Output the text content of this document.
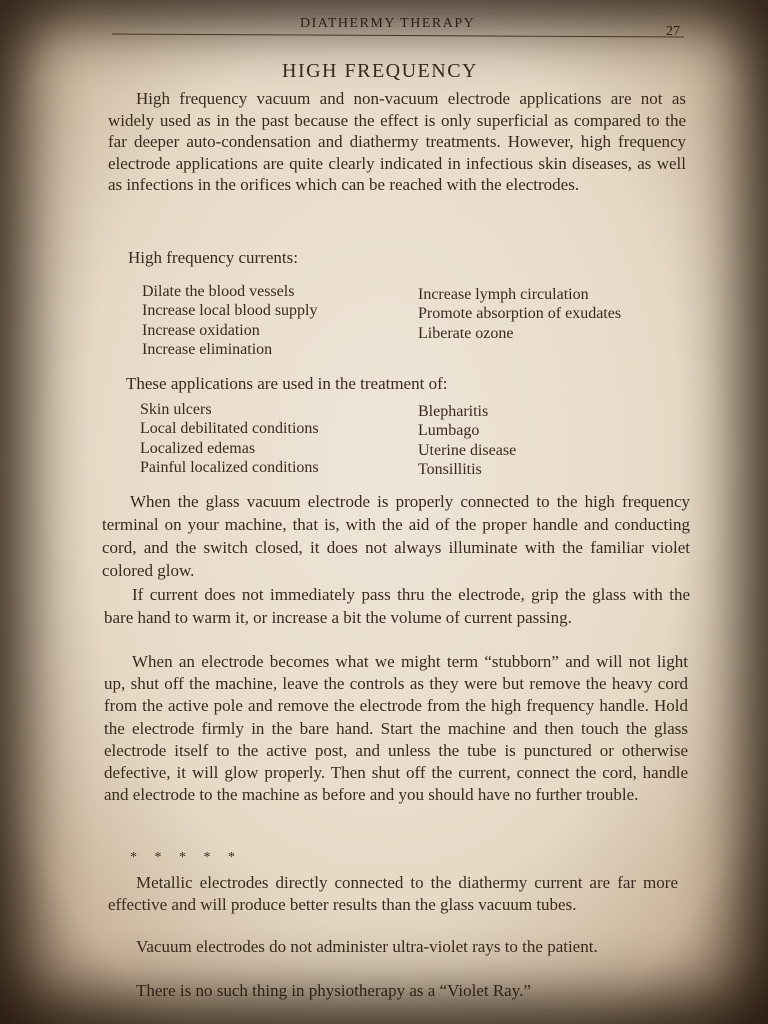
DIATHERMY THERAPY
27
HIGH FREQUENCY
High frequency vacuum and non-vacuum electrode applications are not as widely used as in the past because the effect is only superficial as compared to the far deeper auto-condensation and diathermy treatments. However, high frequency electrode applications are quite clearly indicated in infectious skin diseases, as well as infections in the orifices which can be reached with the electrodes.
High frequency currents:
Dilate the blood vessels
Increase local blood supply
Increase oxidation
Increase elimination
Increase lymph circulation
Promote absorption of exudates
Liberate ozone
These applications are used in the treatment of:
Skin ulcers
Local debilitated conditions
Localized edemas
Painful localized conditions
Blepharitis
Lumbago
Uterine disease
Tonsillitis
When the glass vacuum electrode is properly connected to the high frequency terminal on your machine, that is, with the aid of the proper handle and conducting cord, and the switch closed, it does not always illuminate with the familiar violet colored glow.
If current does not immediately pass thru the electrode, grip the glass with the bare hand to warm it, or increase a bit the volume of current passing.
When an electrode becomes what we might term “stubborn” and will not light up, shut off the machine, leave the controls as they were but remove the heavy cord from the active pole and remove the electrode from the high frequency handle. Hold the electrode firmly in the bare hand. Start the machine and then touch the glass electrode itself to the active post, and unless the tube is punctured or otherwise defective, it will glow properly. Then shut off the current, connect the cord, handle and electrode to the machine as before and you should have no further trouble.
* * * * *
Metallic electrodes directly connected to the diathermy current are far more effective and will produce better results than the glass vacuum tubes.
Vacuum electrodes do not administer ultra-violet rays to the patient.
There is no such thing in physiotherapy as a “Violet Ray.”
